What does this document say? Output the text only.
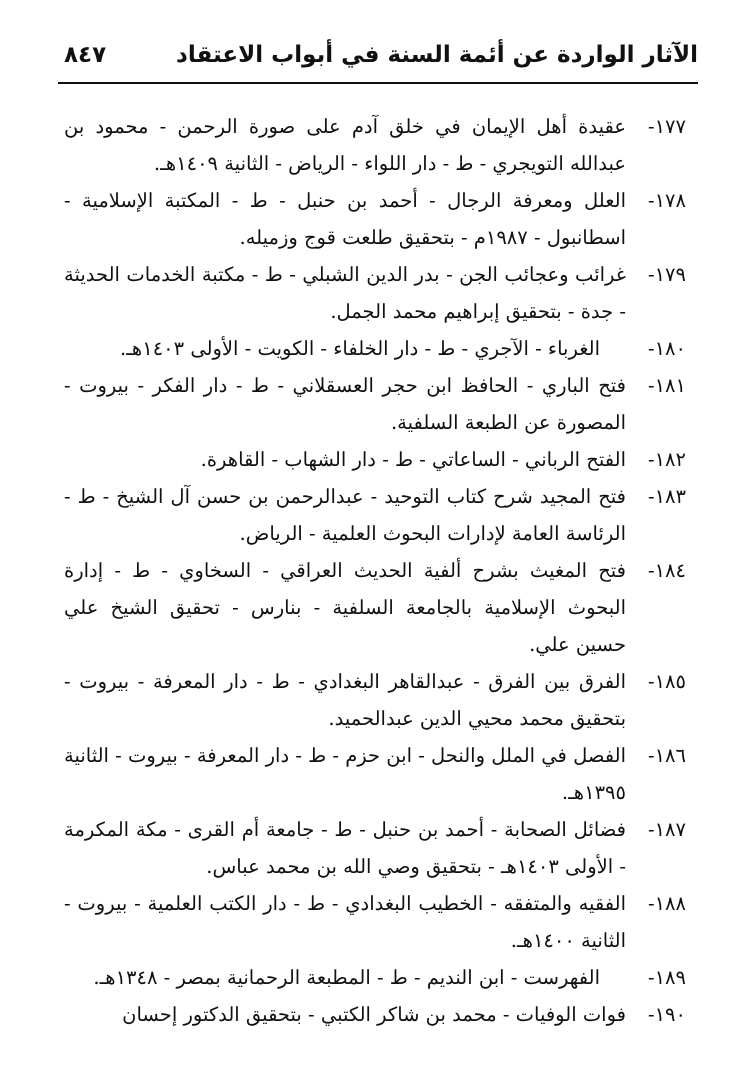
الآثار الواردة عن أئمة السنة في أبواب الاعتقاد
٨٤٧
١٧٧-
عقيدة أهل الإيمان في خلق آدم على صورة الرحمن - محمود بن عبدالله التويجري - ط - دار اللواء - الرياض - الثانية ١٤٠٩هـ.
١٧٨-
العلل ومعرفة الرجال - أحمد بن حنبل - ط - المكتبة الإسلامية - اسطانبول - ١٩٨٧م - بتحقيق طلعت قوج وزميله.
١٧٩-
غرائب وعجائب الجن - بدر الدين الشبلي - ط - مكتبة الخدمات الحديثة - جدة - بتحقيق إبراهيم محمد الجمل.
١٨٠-
الغرباء - الآجري - ط - دار الخلفاء - الكويت - الأولى ١٤٠٣هـ.
١٨١-
فتح الباري - الحافظ ابن حجر العسقلاني - ط - دار الفكر - بيروت - المصورة عن الطبعة السلفية.
١٨٢-
الفتح الرباني - الساعاتي - ط - دار الشهاب - القاهرة.
١٨٣-
فتح المجيد شرح كتاب التوحيد - عبدالرحمن بن حسن آل الشيخ - ط - الرئاسة العامة لإدارات البحوث العلمية - الرياض.
١٨٤-
فتح المغيث بشرح ألفية الحديث العراقي - السخاوي - ط - إدارة البحوث الإسلامية بالجامعة السلفية - بنارس - تحقيق الشيخ علي حسين علي.
١٨٥-
الفرق بين الفرق - عبدالقاهر البغدادي - ط - دار المعرفة - بيروت - بتحقيق محمد محيي الدين عبدالحميد.
١٨٦-
الفصل في الملل والنحل - ابن حزم - ط - دار المعرفة - بيروت - الثانية ١٣٩٥هـ.
١٨٧-
فضائل الصحابة - أحمد بن حنبل - ط - جامعة أم القرى - مكة المكرمة - الأولى ١٤٠٣هـ - بتحقيق وصي الله بن محمد عباس.
١٨٨-
الفقيه والمتفقه - الخطيب البغدادي - ط - دار الكتب العلمية - بيروت - الثانية ١٤٠٠هـ.
١٨٩-
الفهرست - ابن النديم - ط - المطبعة الرحمانية بمصر - ١٣٤٨هـ.
١٩٠-
فوات الوفيات - محمد بن شاكر الكتبي - بتحقيق الدكتور إحسان
